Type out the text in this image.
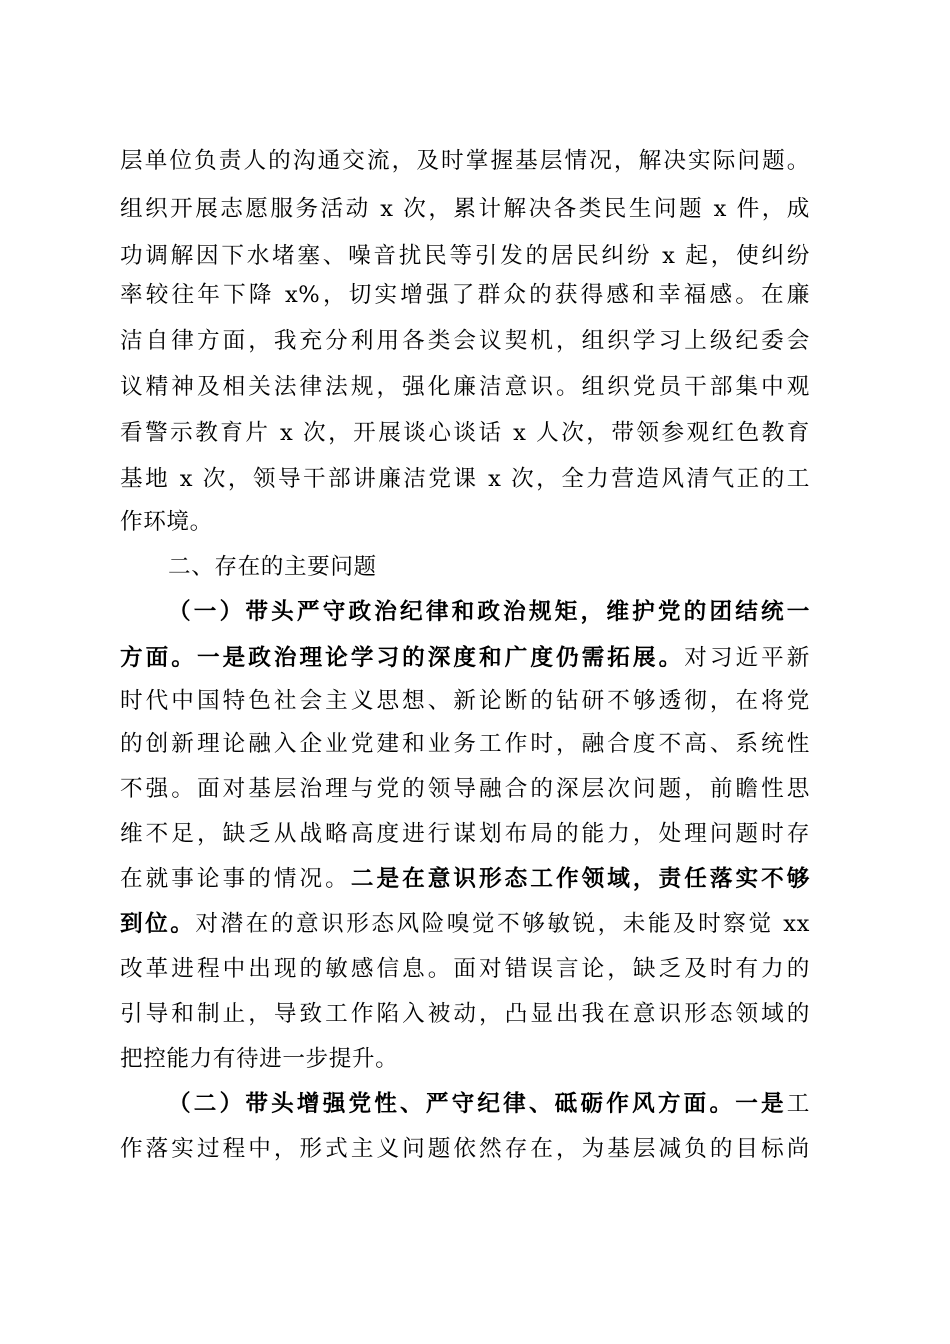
层单位负责人的沟通交流，及时掌握基层情况，解决实际问题。
组织开展志愿服务活动 x 次，累计解决各类民生问题 x 件，成
功调解因下水堵塞、噪音扰民等引发的居民纠纷 x 起，使纠纷
率较往年下降 x%，切实增强了群众的获得感和幸福感。在廉
洁自律方面，我充分利用各类会议契机，组织学习上级纪委会
议精神及相关法律法规，强化廉洁意识。组织党员干部集中观
看警示教育片 x 次，开展谈心谈话 x 人次，带领参观红色教育
基地 x 次，领导干部讲廉洁党课 x 次，全力营造风清气正的工
作环境。
二、存在的主要问题
（一）带头严守政治纪律和政治规矩，维护党的团结统一
方面。一是政治理论学习的深度和广度仍需拓展。对习近平新
时代中国特色社会主义思想、新论断的钻研不够透彻，在将党
的创新理论融入企业党建和业务工作时，融合度不高、系统性
不强。面对基层治理与党的领导融合的深层次问题，前瞻性思
维不足，缺乏从战略高度进行谋划布局的能力，处理问题时存
在就事论事的情况。二是在意识形态工作领域，责任落实不够
到位。对潜在的意识形态风险嗅觉不够敏锐，未能及时察觉 xx
改革进程中出现的敏感信息。面对错误言论，缺乏及时有力的
引导和制止，导致工作陷入被动，凸显出我在意识形态领域的
把控能力有待进一步提升。
（二）带头增强党性、严守纪律、砥砺作风方面。一是工
作落实过程中，形式主义问题依然存在，为基层减负的目标尚
